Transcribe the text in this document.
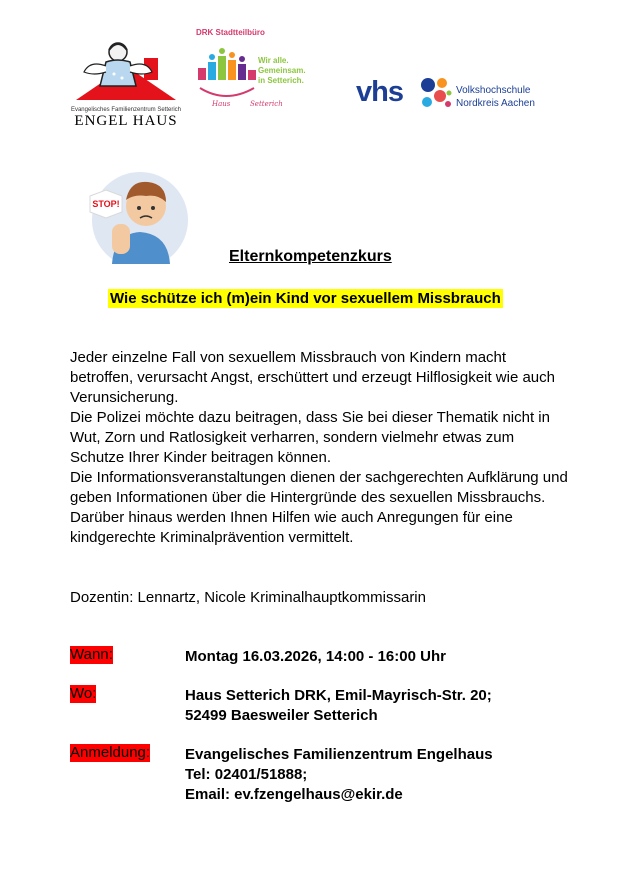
Evangelisches Familienzentrum Setterich
ENGEL HAUS
DRK Stadtteilbüro
Wir alle.
Gemeinsam.
in Setterich.
Haus	Setterich	vhs	Volkshochschule
Nordkreis Aachen
STOP!
Elternkompetenzkurs
Wie schütze ich (m)ein Kind vor sexuellem Missbrauch

Jeder einzelne Fall von sexuellem Missbrauch von Kindern macht betroffen, verursacht Angst, erschüttert und erzeugt Hilflosigkeit wie auch Verunsicherung.

Die Polizei möchte dazu beitragen, dass Sie bei dieser Thematik nicht in Wut, Zorn und Ratlosigkeit verharren, sondern vielmehr etwas zum Schutze Ihrer Kinder beitragen können.

Die Informationsveranstaltungen dienen der sachgerechten Aufklärung und geben Informationen über die Hintergründe des sexuellen Missbrauchs. Darüber hinaus werden Ihnen Hilfen wie auch Anregungen für eine kindgerechte Kriminalprävention vermittelt.

Dozentin: Lennartz, Nicole Kriminalhauptkommissarin
Wann:	Montag 16.03.2026, 14:00 - 16:00 Uhr
Wo:	Haus Setterich DRK, Emil-Mayrisch-Str. 20;
52499 Baesweiler Setterich
Anmeldung: Evangelisches Familienzentrum Engelhaus
Tel: 02401/51888;
Email: ev.fzengelhaus@ekir.de
